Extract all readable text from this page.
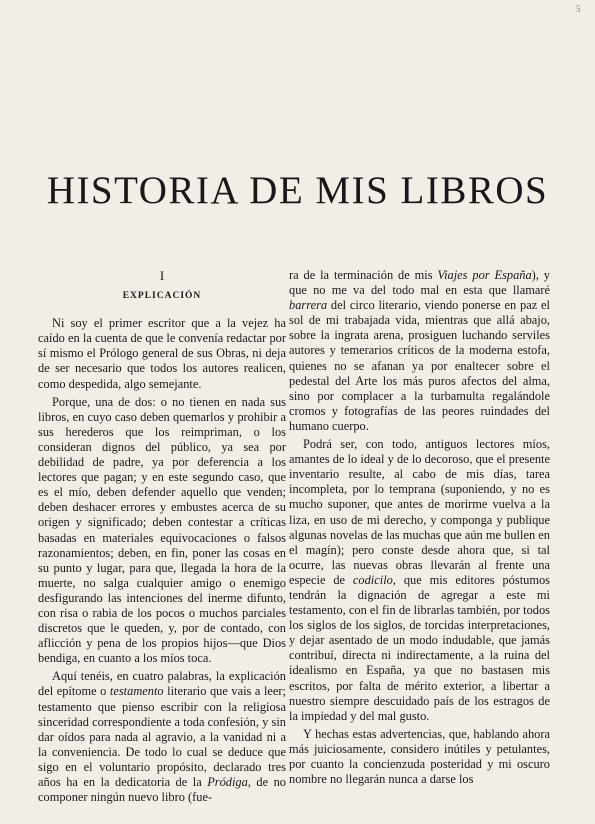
5
HISTORIA DE MIS LIBROS
I
EXPLICACIÓN

Ni soy el primer escritor que a la vejez ha caído en la cuenta de que le convenía redactar por sí mismo el Prólogo general de sus Obras, ni deja de ser necesario que todos los autores realicen, como despedida, algo semejante.

Porque, una de dos: o no tienen en nada sus libros, en cuyo caso deben quemarlos y prohibir a sus herederos que los reimpriman, o los consideran dignos del público, ya sea por debilidad de padre, ya por deferencia a los lectores que pagan; y en este segundo caso, que es el mío, deben defender aquello que venden; deben deshacer errores y embustes acerca de su origen y significado; deben contestar a críticas basadas en materiales equivocaciones o falsos razonamientos; deben, en fin, poner las cosas en su punto y lugar, para que, llegada la hora de la muerte, no salga cualquier amigo o enemigo desfigurando las intenciones del inerme difunto, con risa o rabia de los pocos o muchos parciales discretos que le queden, y, por de contado, con aflicción y pena de los propios hijos—que Dios bendiga, en cuanto a los míos toca.

Aquí tenéis, en cuatro palabras, la explicación del epítome o testamento literario que vais a leer; testamento que pienso escribir con la religiosa sinceridad correspondiente a toda confesión, y sin dar oídos para nada al agravio, a la vanidad ni a la conveniencia. De todo lo cual se deduce que sigo en el voluntario propósito, declarado tres años ha en la dedicatoria de la Pródiga, de no componer ningún nuevo libro (fue-

ra de la terminación de mis Viajes por España), y que no me va del todo mal en esta que llamaré barrera del circo literario, viendo ponerse en paz el sol de mi trabajada vida, mientras que allá abajo, sobre la ingrata arena, prosiguen luchando serviles autores y temerarios críticos de la moderna estofa, quienes no se afanan ya por enaltecer sobre el pedestal del Arte los más puros afectos del alma, sino por complacer a la turbamulta regalándole cromos y fotografías de las peores ruindades del humano cuerpo.

Podrá ser, con todo, antiguos lectores míos, amantes de lo ideal y de lo decoroso, que el presente inventario resulte, al cabo de mis días, tarea incompleta, por lo temprana (suponiendo, y no es mucho suponer, que antes de morirme vuelva a la liza, en uso de mi derecho, y componga y publique algunas novelas de las muchas que aún me bullen en el magín); pero conste desde ahora que, si tal ocurre, las nuevas obras llevarán al frente una especie de codicilo, que mis editores póstumos tendrán la dignación de agregar a este mi testamento, con el fin de librarlas también, por todos los siglos de los siglos, de torcidas interpretaciones, y dejar asentado de un modo indudable, que jamás contribuí, directa ni indirectamente, a la ruina del idealismo en España, ya que no bastasen mis escritos, por falta de mérito exterior, a libertar a nuestro siempre descuidado país de los estragos de la impiedad y del mal gusto.

Y hechas estas advertencias, que, hablando ahora más juiciosamente, considero inútiles y petulantes, por cuanto la concienzuda posteridad y mi oscuro nombre no llegarán nunca a darse los
